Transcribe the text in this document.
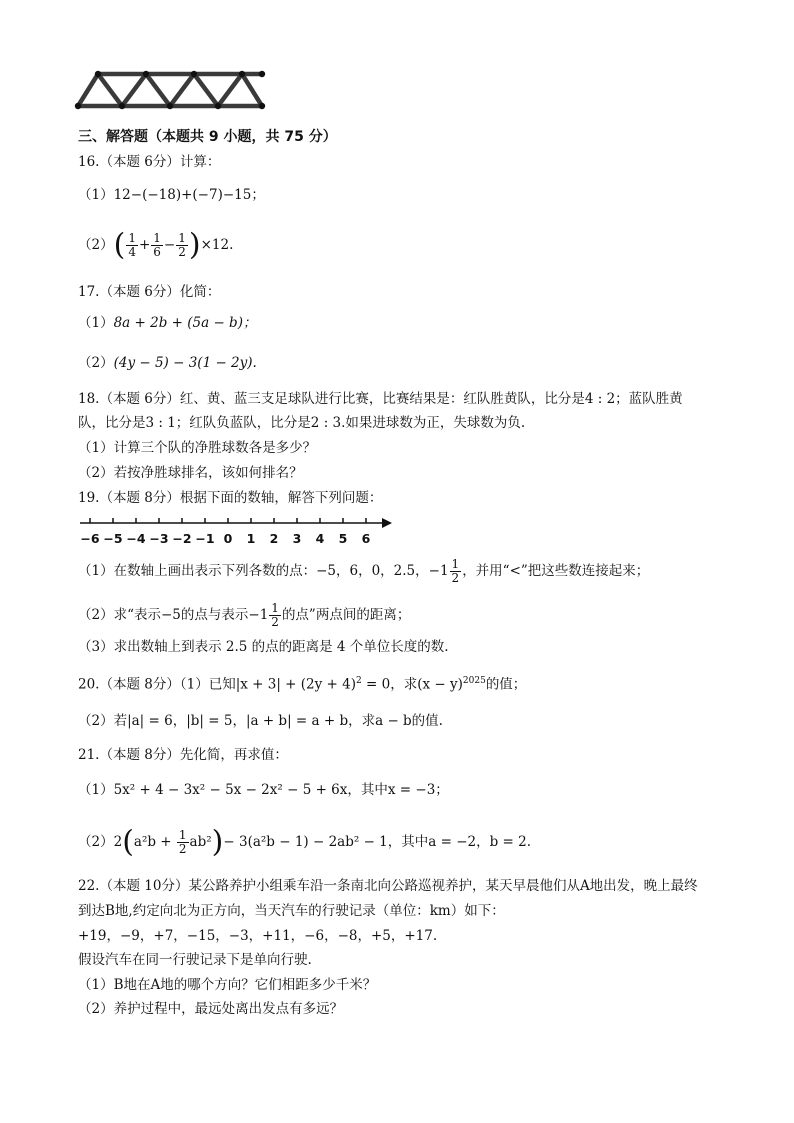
三、解答题（本题共 9 小题，共 75 分）
16.（本题 6分）计算：
（1）12−(−18)+(−7)−15；
$(2)( \frac{1}{4} + \frac{1}{6} - \frac{1}{2} )\times 12$.
17.（本题 6分）化简：
（1）8a + 2b + (5a − b)；
（2）(4y − 5) − 3(1 − 2y).
18.（本题 6分）红、黄、蓝三支足球队进行比赛，比赛结果是：红队胜黄队，比分是4 : 2；蓝队胜黄
队，比分是3 : 1；红队负蓝队，比分是2 : 3.如果进球数为正，失球数为负.
（1）计算三个队的净胜球数各是多少？
（2）若按净胜球排名，该如何排名？
19.（本题 8分）根据下面的数轴，解答下列问题：
−6 −5 −4 −3 −2 −1 0 1 2 3 4 5 6
（1）在数轴上画出表示下列各数的点：−5，6，0，2.5，$-1 \frac{1}{2}$ ，并用“<”把这些数连接起来；
（2）求“表示−5的点与表示$-1 \frac{1}{2}$ 的点”两点间的距离；
（3）求出数轴上到表示 2.5 的点的距离是 4 个单位长度的数.
20.（本题 8分）（1）已知$|x + 3| + (2y + 4)^2 = 0$，求$(x - y)^{2025}$的值；
（2）若|a| = 6，|b| = 5，|a + b| = a + b，求a − b的值.
21.（本题 8分）先化简，再求值：
（1）5x² + 4 − 3x² − 5x − 2x² − 5 + 6x，其中x = −3；
$(2)2(a^2b + \frac{1}{2} ab^2)- 3(a^2b - 1) - 2ab^2 - 1$，其中a = −2，b = 2.
22.（本题 10分）某公路养护小组乘车沿一条南北向公路巡视养护，某天早晨他们从A地出发，晚上最终
到达B地,约定向北为正方向，当天汽车的行驶记录（单位：km）如下：
+19，−9，+7，−15，−3，+11，−6，−8，+5，+17.
假设汽车在同一行驶记录下是单向行驶.
（1）B地在A地的哪个方向？它们相距多少千米？
（2）养护过程中，最远处离出发点有多远？
